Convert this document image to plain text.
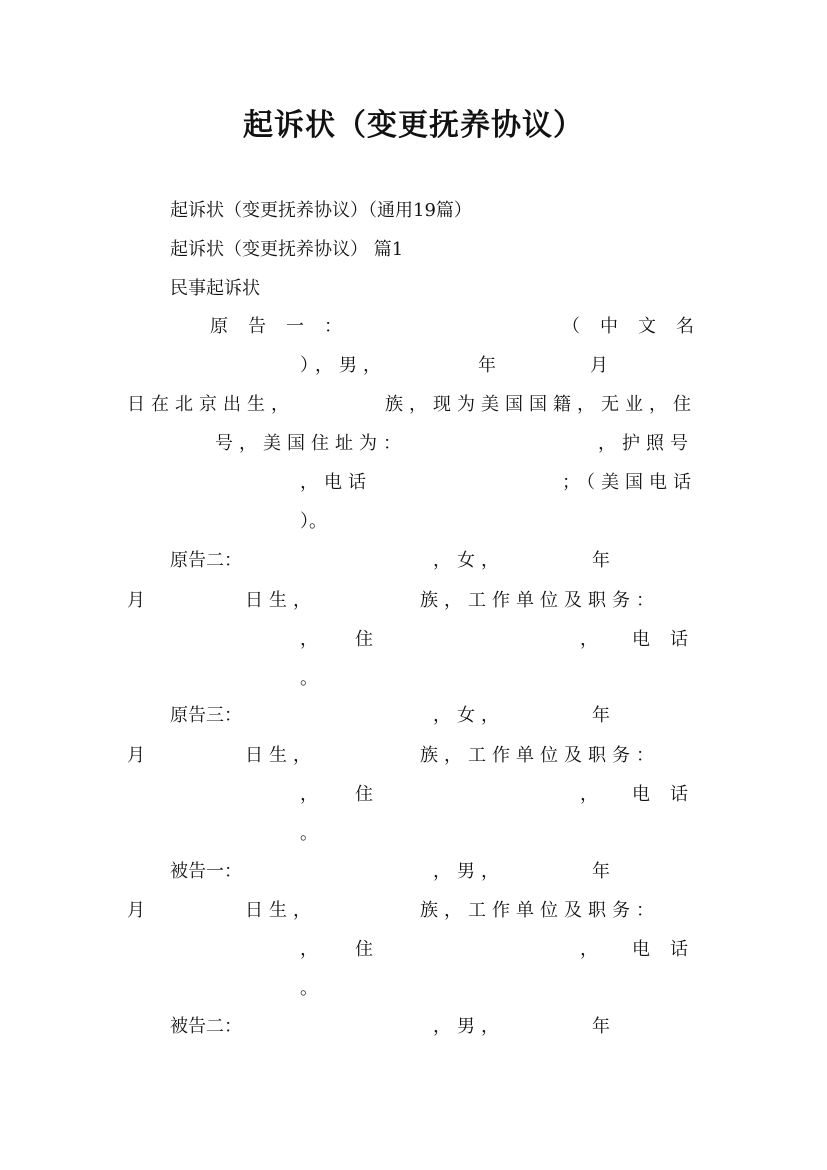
起诉状（变更抚养协议）
起诉状（变更抚养协议）（通用19篇）
起诉状（变更抚养协议） 篇1
民事起诉状
原告一：	（中文名
），男，	年	月
日在北京出生，	族，现为美国国籍，无业，住
号，美国住址为：	，护照号
，电话	；（美国电话
）。
原告二：	，女，	年
月	日生，	族，工作单位及职务：
， 住	， 电话
。
原告三：	，女，	年
月	日生，	族，工作单位及职务：
， 住	， 电话
。
被告一：	，男，	年
月	日生，	族，工作单位及职务：
， 住	， 电话
。
被告二：	，男，	年
